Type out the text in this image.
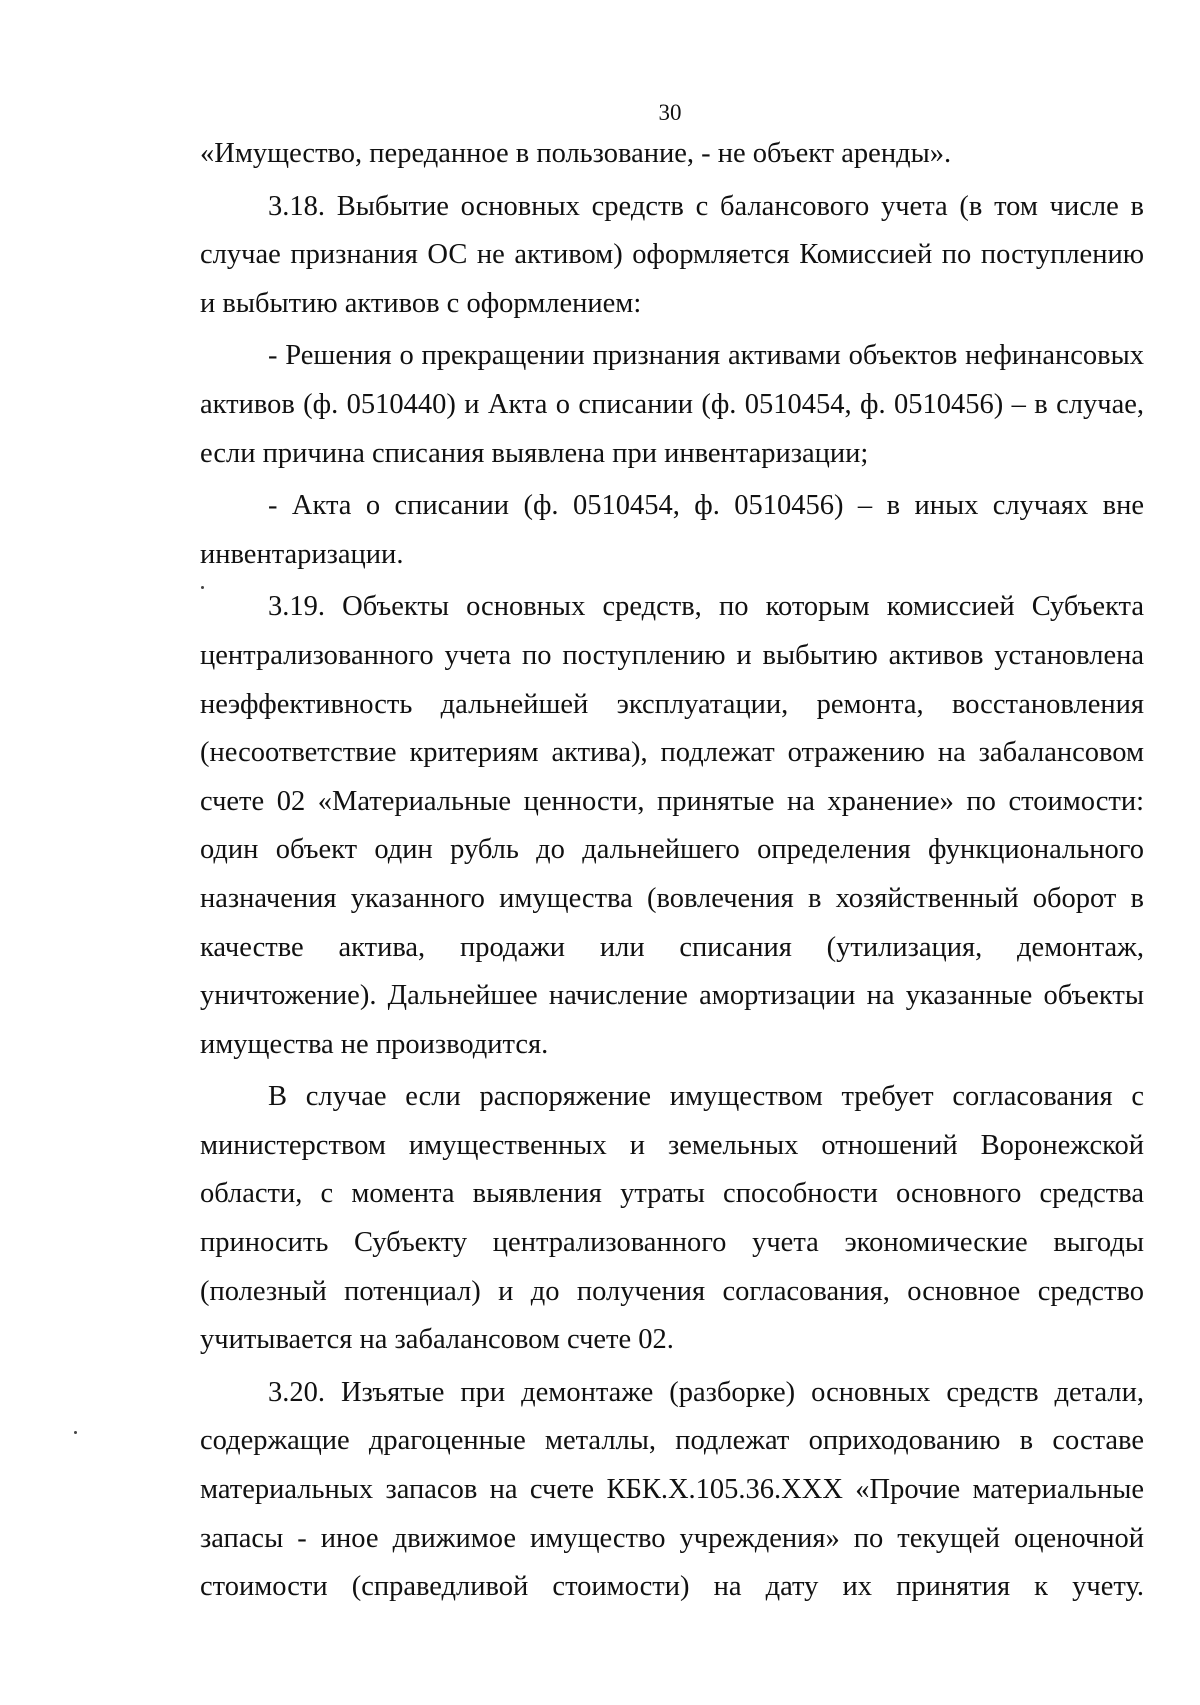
30

«Имущество, переданное в пользование, - не объект аренды».

3.18. Выбытие основных средств с балансового учета (в том числе в случае признания ОС не активом) оформляется Комиссией по поступлению и выбытию активов с оформлением:

- Решения о прекращении признания активами объектов нефинансовых активов (ф. 0510440) и Акта о списании (ф. 0510454, ф. 0510456) – в случае, если причина списания выявлена при инвентаризации;

- Акта о списании (ф. 0510454, ф. 0510456) – в иных случаях вне инвентаризации.

3.19. Объекты основных средств, по которым комиссией Субъекта централизованного учета по поступлению и выбытию активов установлена неэффективность дальнейшей эксплуатации, ремонта, восстановления (несоответствие критериям актива), подлежат отражению на забалансовом счете 02 «Материальные ценности, принятые на хранение» по стоимости: один объект один рубль до дальнейшего определения функционального назначения указанного имущества (вовлечения в хозяйственный оборот в качестве актива, продажи или списания (утилизация, демонтаж, уничтожение). Дальнейшее начисление амортизации на указанные объекты имущества не производится.

В случае если распоряжение имуществом требует согласования с министерством имущественных и земельных отношений Воронежской области, с момента выявления утраты способности основного средства приносить Субъекту централизованного учета экономические выгоды (полезный потенциал) и до получения согласования, основное средство учитывается на забалансовом счете 02.

3.20. Изъятые при демонтаже (разборке) основных средств детали, содержащие драгоценные металлы, подлежат оприходованию в составе материальных запасов на счете КБК.Х.105.36.ХХХ «Прочие материальные запасы - иное движимое имущество учреждения» по текущей оценочной стоимости (справедливой стоимости) на дату их принятия к учету.
